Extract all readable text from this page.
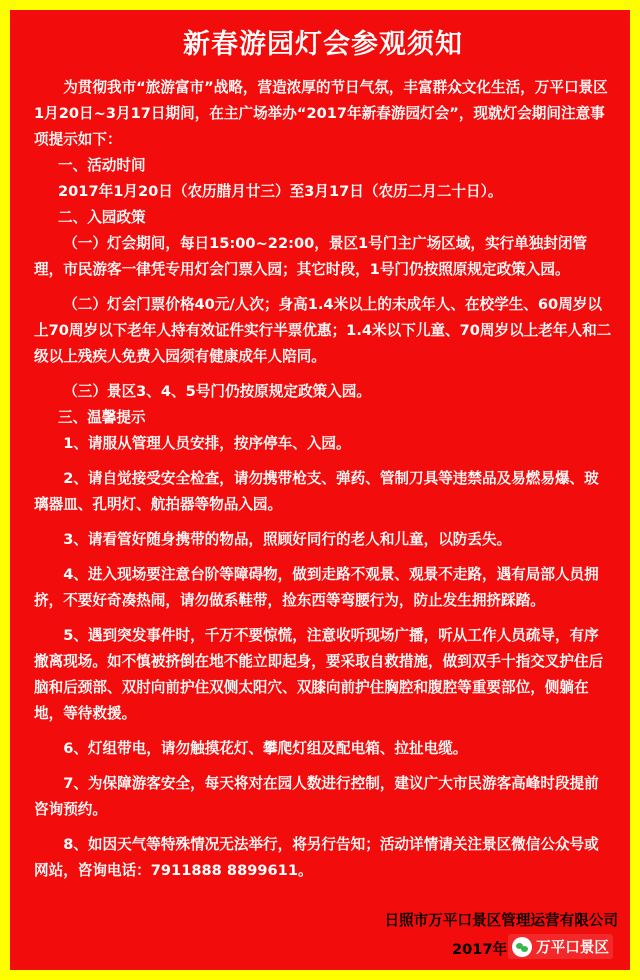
新春游园灯会参观须知

为贯彻我市“旅游富市”战略，营造浓厚的节日气氛，丰富群众文化生活，万平口景区1月20日~3月17日期间，在主广场举办“2017年新春游园灯会”，现就灯会期间注意事项提示如下：

一、活动时间

2017年1月20日（农历腊月廿三）至3月17日（农历二月二十日）。

二、入园政策

（一）灯会期间，每日15:00~22:00，景区1号门主广场区域，实行单独封闭管理，市民游客一律凭专用灯会门票入园；其它时段，1号门仍按照原规定政策入园。

（二）灯会门票价格40元/人次；身高1.4米以上的未成年人、在校学生、60周岁以上70周岁以下老年人持有效证件实行半票优惠；1.4米以下儿童、70周岁以上老年人和二级以上残疾人免费入园须有健康成年人陪同。

（三）景区3、4、5号门仍按原规定政策入园。

三、温馨提示

1、请服从管理人员安排，按序停车、入园。

2、请自觉接受安全检查，请勿携带枪支、弹药、管制刀具等违禁品及易燃易爆、玻璃器皿、孔明灯、航拍器等物品入园。

3、请看管好随身携带的物品，照顾好同行的老人和儿童，以防丢失。

4、进入现场要注意台阶等障碍物，做到走路不观景、观景不走路，遇有局部人员拥挤，不要好奇凑热闹，请勿做系鞋带，捡东西等弯腰行为，防止发生拥挤踩踏。

5、遇到突发事件时，千万不要惊慌，注意收听现场广播，听从工作人员疏导，有序撤离现场。如不慎被挤倒在地不能立即起身，要采取自救措施，做到双手十指交叉护住后脑和后颈部、双肘向前护住双侧太阳穴、双膝向前护住胸腔和腹腔等重要部位，侧躺在地，等待救援。

6、灯组带电，请勿触摸花灯、攀爬灯组及配电箱、拉扯电缆。

7、为保障游客安全，每天将对在园人数进行控制，建议广大市民游客高峰时段提前咨询预约。

8、如因天气等特殊情况无法举行，将另行告知；活动详情请关注景区微信公众号或网站，咨询电话：7911888 8899611。

日照市万平口景区管理运营有限公司
2017年 万平口景区
